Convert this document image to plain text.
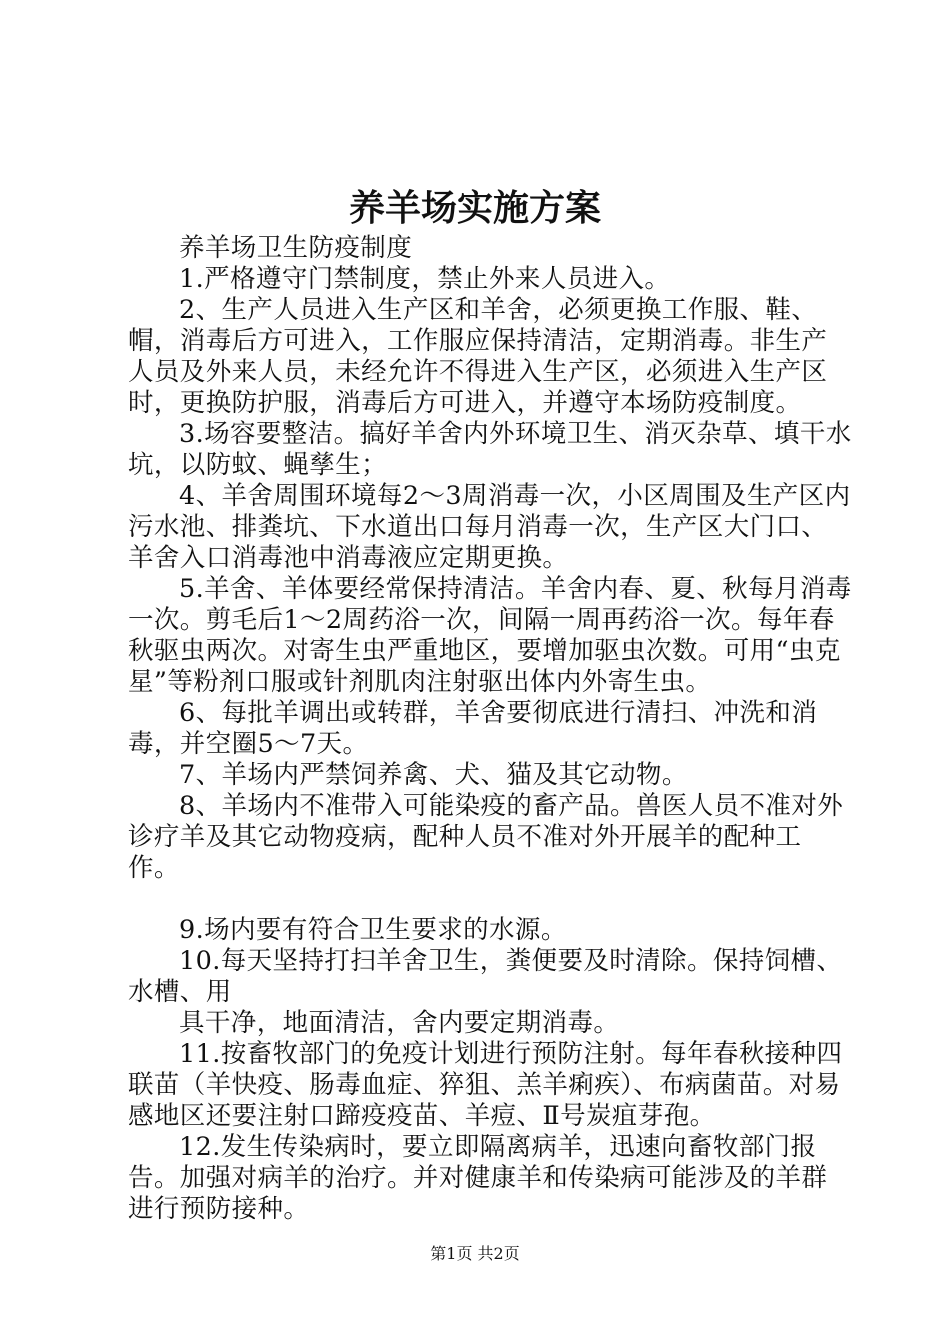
养羊场实施方案

养羊场卫生防疫制度

1.严格遵守门禁制度，禁止外来人员进入。

2、生产人员进入生产区和羊舍，必须更换工作服、鞋、帽，消毒后方可进入，工作服应保持清洁，定期消毒。非生产人员及外来人员，未经允许不得进入生产区，必须进入生产区时，更换防护服，消毒后方可进入，并遵守本场防疫制度。

3.场容要整洁。搞好羊舍内外环境卫生、消灭杂草、填干水坑，以防蚊、蝇孳生；

4、羊舍周围环境每2～3周消毒一次，小区周围及生产区内污水池、排粪坑、下水道出口每月消毒一次，生产区大门口、羊舍入口消毒池中消毒液应定期更换。

5.羊舍、羊体要经常保持清洁。羊舍内春、夏、秋每月消毒一次。剪毛后1～2周药浴一次，间隔一周再药浴一次。每年春秋驱虫两次。对寄生虫严重地区，要增加驱虫次数。可用“虫克星”等粉剂口服或针剂肌肉注射驱出体内外寄生虫。

6、每批羊调出或转群，羊舍要彻底进行清扫、冲洗和消毒，并空圈5～7天。

7、羊场内严禁饲养禽、犬、猫及其它动物。

8、羊场内不准带入可能染疫的畜产品。兽医人员不准对外诊疗羊及其它动物疫病，配种人员不准对外开展羊的配种工作。

9.场内要有符合卫生要求的水源。

10.每天坚持打扫羊舍卫生，粪便要及时清除。保持饲槽、水槽、用

具干净，地面清洁，舍内要定期消毒。

11.按畜牧部门的免疫计划进行预防注射。每年春秋接种四联苗（羊快疫、肠毒血症、猝狙、羔羊痢疾）、布病菌苗。对易感地区还要注射口蹄疫疫苗、羊痘、Ⅱ号炭疽芽孢。

12.发生传染病时，要立即隔离病羊，迅速向畜牧部门报告。加强对病羊的治疗。并对健康羊和传染病可能涉及的羊群进行预防接种。

第1页 共2页
